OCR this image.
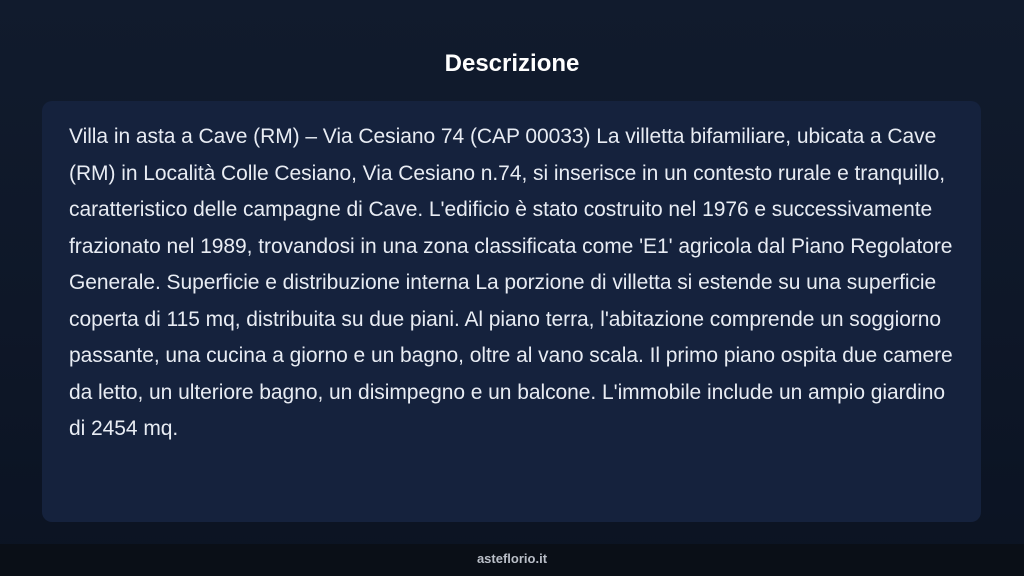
Descrizione

Villa in asta a Cave (RM) – Via Cesiano 74 (CAP 00033) La villetta bifamiliare, ubicata a Cave (RM) in Località Colle Cesiano, Via Cesiano n.74, si inserisce in un contesto rurale e tranquillo, caratteristico delle campagne di Cave. L'edificio è stato costruito nel 1976 e successivamente frazionato nel 1989, trovandosi in una zona classificata come 'E1' agricola dal Piano Regolatore Generale. Superficie e distribuzione interna La porzione di villetta si estende su una superficie coperta di 115 mq, distribuita su due piani. Al piano terra, l'abitazione comprende un soggiorno passante, una cucina a giorno e un bagno, oltre al vano scala. Il primo piano ospita due camere da letto, un ulteriore bagno, un disimpegno e un balcone. L'immobile include un ampio giardino di 2454 mq.

asteflorio.it
